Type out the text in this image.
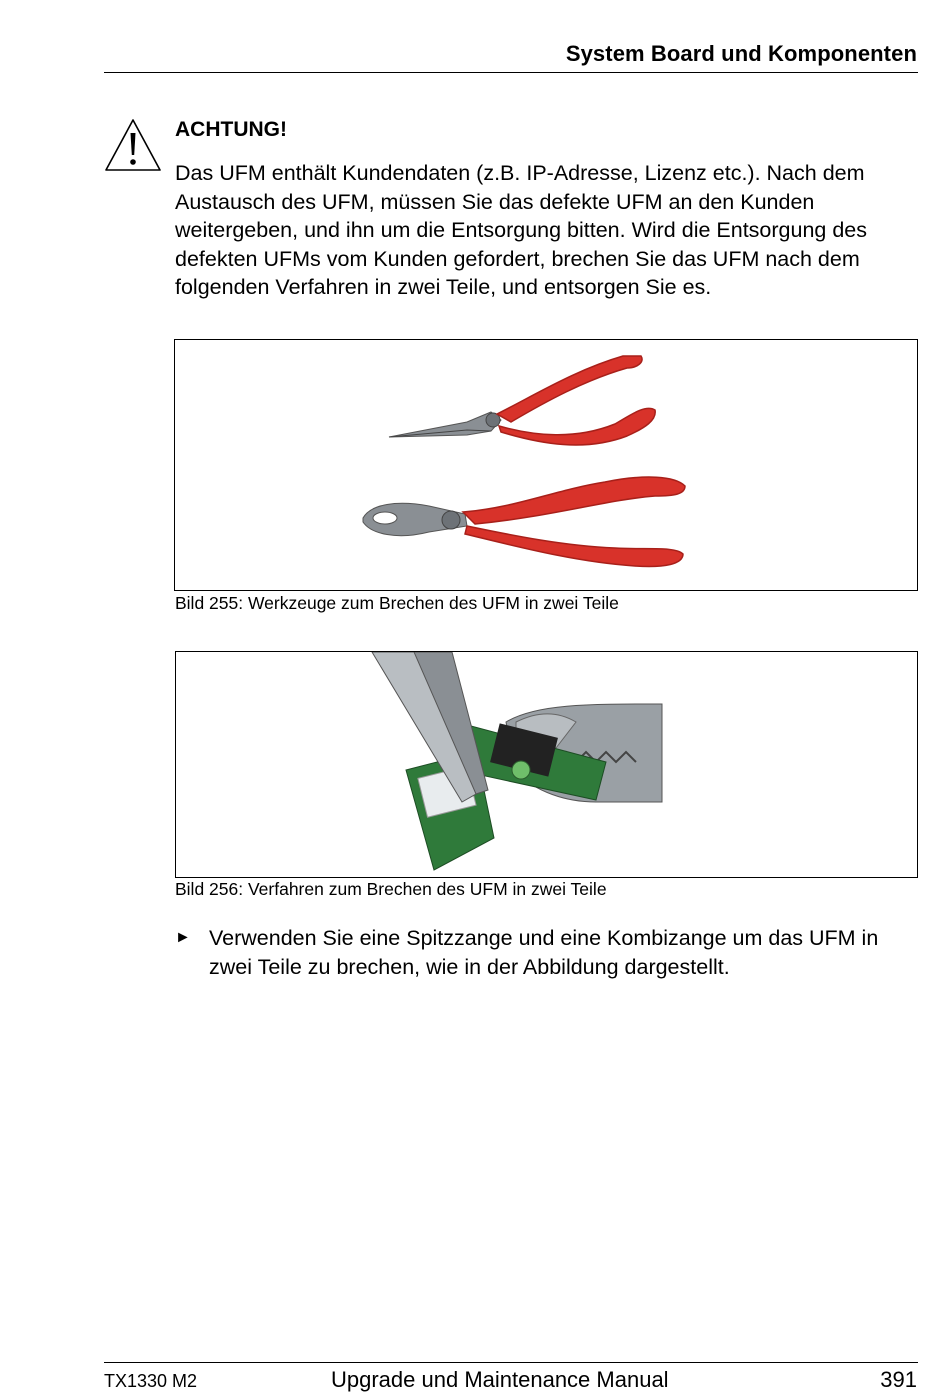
System Board und Komponenten
ACHTUNG!
Das UFM enthält Kundendaten (z.B. IP-Adresse, Lizenz etc.). Nach dem Austausch des UFM, müssen Sie das defekte UFM an den Kunden weitergeben, und ihn um die Entsorgung bitten. Wird die Entsorgung des defekten UFMs vom Kunden gefordert, brechen Sie das UFM nach dem folgenden Verfahren in zwei Teile, und entsorgen Sie es.
Bild 255: Werkzeuge zum Brechen des UFM in zwei Teile
Bild 256: Verfahren zum Brechen des UFM in zwei Teile
► Verwenden Sie eine Spitzzange und eine Kombizange um das UFM in zwei Teile zu brechen, wie in der Abbildung dargestellt.
TX1330 M2	Upgrade und Maintenance Manual	391
